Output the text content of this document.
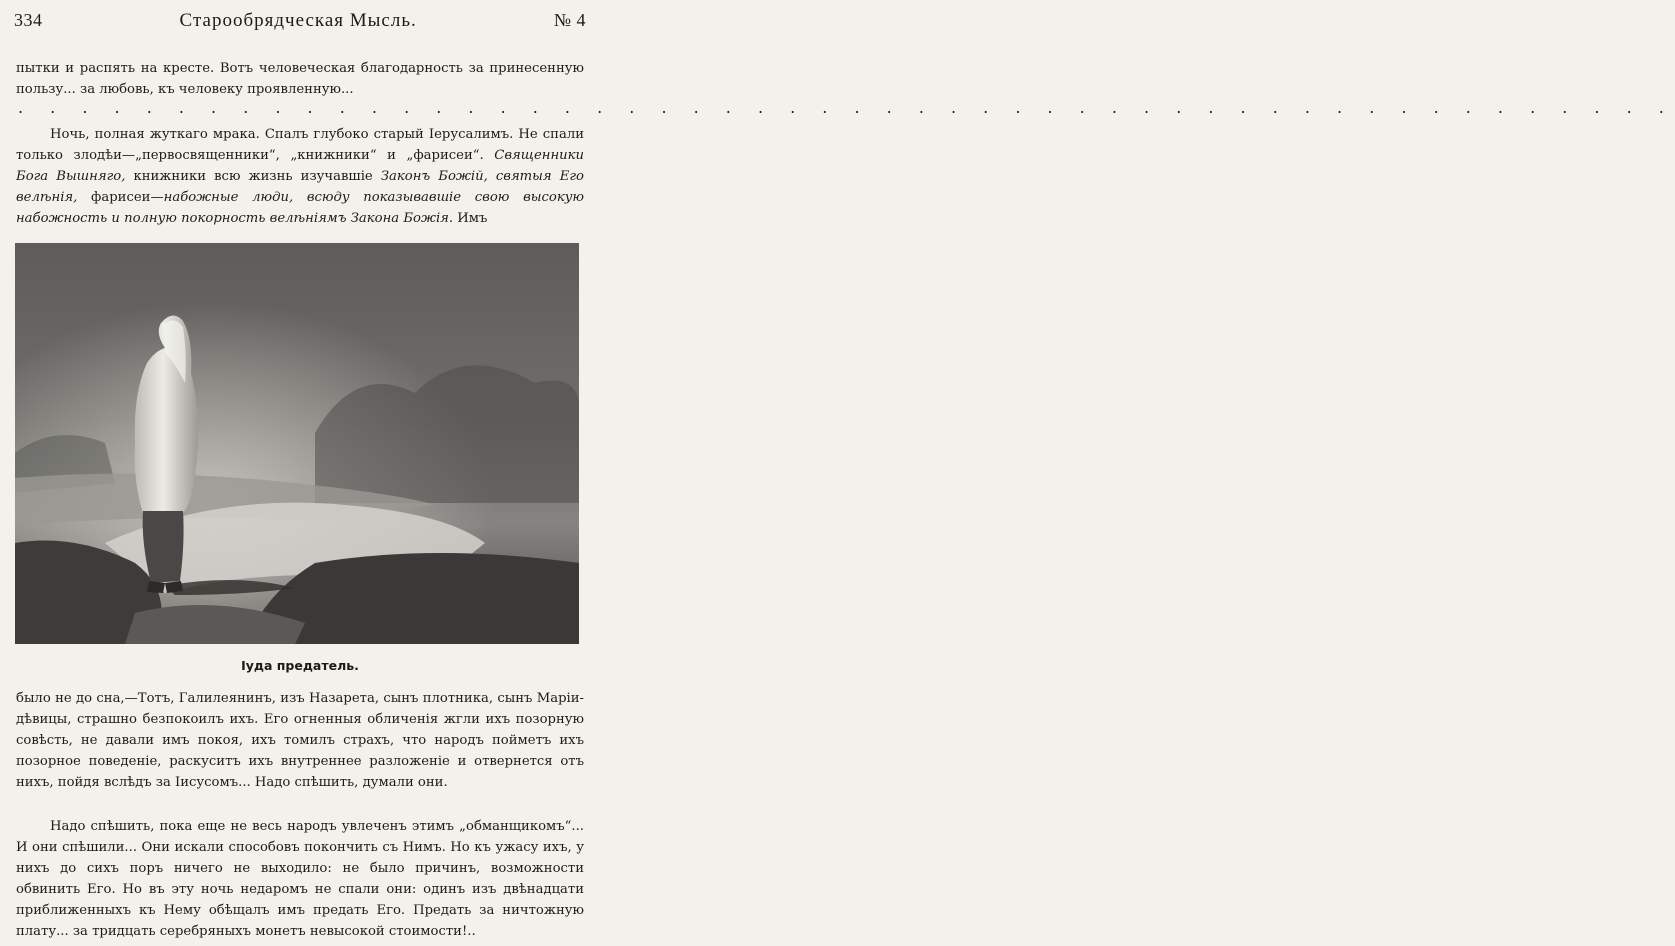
334	Старообрядческая Мысль.	№ 4
пытки и распять на кресте. Вотъ человеческая благодарность за принесенную пользу... за любовь, къ человеку проявленную...
. . . . . . . . . . . . . . . . . . . . . . . . . . . . . . . . . . . . . . . . . . . . . . . . . . . .
Ночь, полная жуткаго мрака. Спалъ глубоко старый Iерусалимъ. Не спали только злодѣи—„первосвященники“, „книжники“ и „фарисеи“. Священники Бога Вышняго, книжники всю жизнь изучавшiе Законъ Божiй, святыя Его велѣнiя, фарисеи—набожные люди, всюду показывавшiе свою высокую набожность и полную покорность велѣнiямъ Закона Божiя. Имъ
Iуда предатель.
было не до сна,—Тотъ, Галилеянинъ, изъ Назарета, сынъ плотника, сынъ Марiи-дѣвицы, страшно безпокоилъ ихъ. Его огненныя обличенiя жгли ихъ позорную совѣсть, не давали имъ покоя, ихъ томилъ страхъ, что народъ пойметъ ихъ позорное поведенiе, раскуситъ ихъ внутреннее разложенiе и отвернется отъ нихъ, пойдя вслѣдъ за Iисусомъ... Надо спѣшить, думали они.
Надо спѣшить, пока еще не весь народъ увлеченъ этимъ „обманщикомъ“... И они спѣшили... Они искали способовъ покончить съ Нимъ. Но къ ужасу ихъ, у нихъ до сихъ поръ ничего не выходило: не было причинъ, возможности обвинить Его. Но въ эту ночь недаромъ не спали они: одинъ изъ двѣнадцати приближенныхъ къ Нему обѣщалъ имъ предать Его. Предать за ничтожную плату... за тридцать серебряныхъ монетъ невысокой стоимости!..
